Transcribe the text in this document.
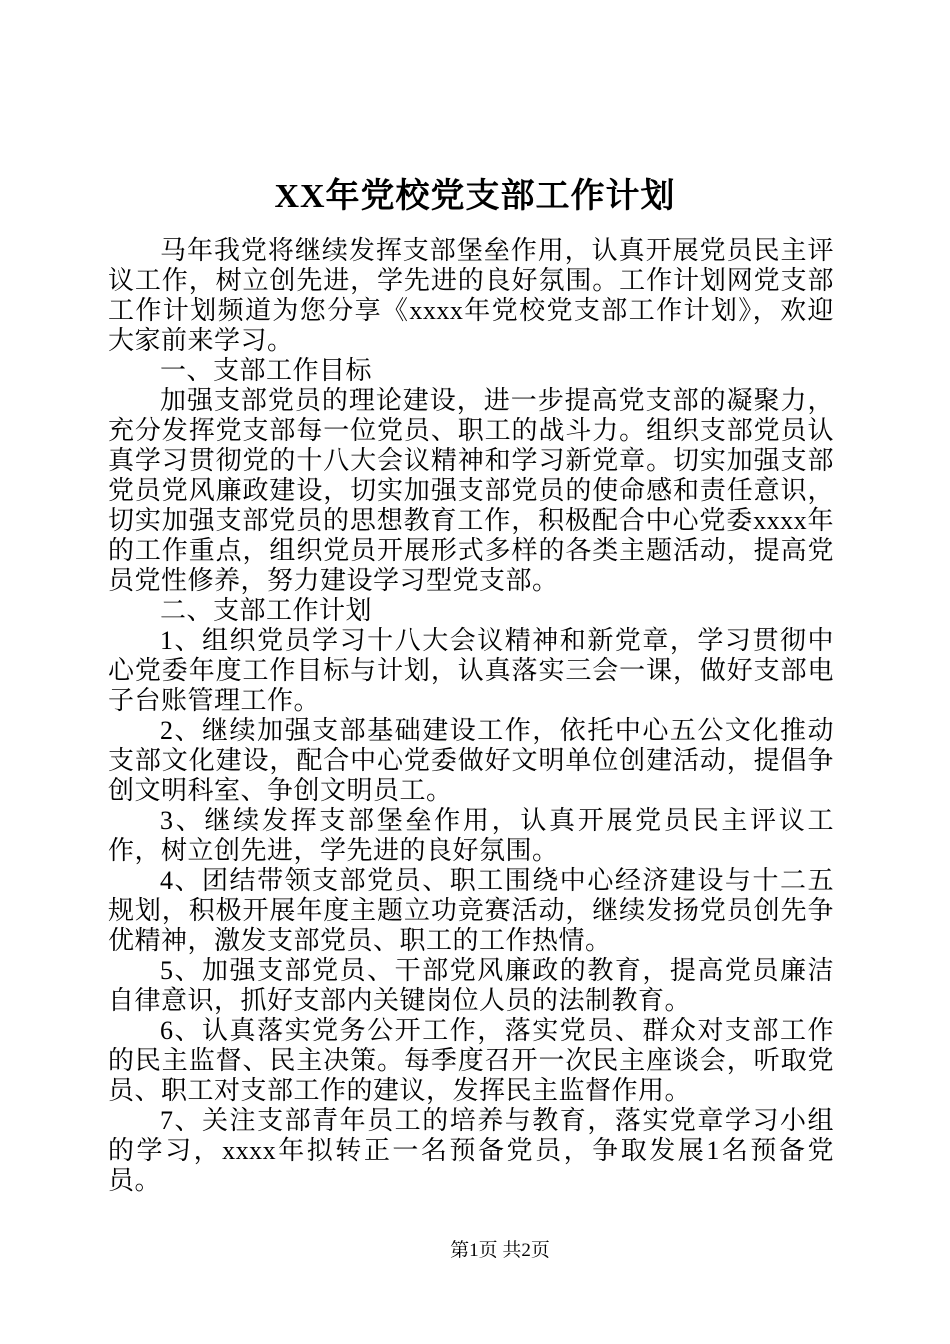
XX年党校党支部工作计划

马年我党将继续发挥支部堡垒作用，认真开展党员民主评议工作，树立创先进，学先进的良好氛围。工作计划网党支部工作计划频道为您分享《xxxx年党校党支部工作计划》，欢迎大家前来学习。

一、支部工作目标

加强支部党员的理论建设，进一步提高党支部的凝聚力，充分发挥党支部每一位党员、职工的战斗力。组织支部党员认真学习贯彻党的十八大会议精神和学习新党章。切实加强支部党员党风廉政建设，切实加强支部党员的使命感和责任意识，切实加强支部党员的思想教育工作，积极配合中心党委xxxx年的工作重点，组织党员开展形式多样的各类主题活动，提高党员党性修养，努力建设学习型党支部。

二、支部工作计划

1、组织党员学习十八大会议精神和新党章，学习贯彻中心党委年度工作目标与计划，认真落实三会一课，做好支部电子台账管理工作。

2、继续加强支部基础建设工作，依托中心五公文化推动支部文化建设，配合中心党委做好文明单位创建活动，提倡争创文明科室、争创文明员工。

3、继续发挥支部堡垒作用，认真开展党员民主评议工作，树立创先进，学先进的良好氛围。

4、团结带领支部党员、职工围绕中心经济建设与十二五规划，积极开展年度主题立功竞赛活动，继续发扬党员创先争优精神，激发支部党员、职工的工作热情。

5、加强支部党员、干部党风廉政的教育，提高党员廉洁自律意识，抓好支部内关键岗位人员的法制教育。

6、认真落实党务公开工作，落实党员、群众对支部工作的民主监督、民主决策。每季度召开一次民主座谈会，听取党员、职工对支部工作的建议，发挥民主监督作用。

7、关注支部青年员工的培养与教育，落实党章学习小组的学习，xxxx年拟转正一名预备党员，争取发展1名预备党员。

第1页 共2页
